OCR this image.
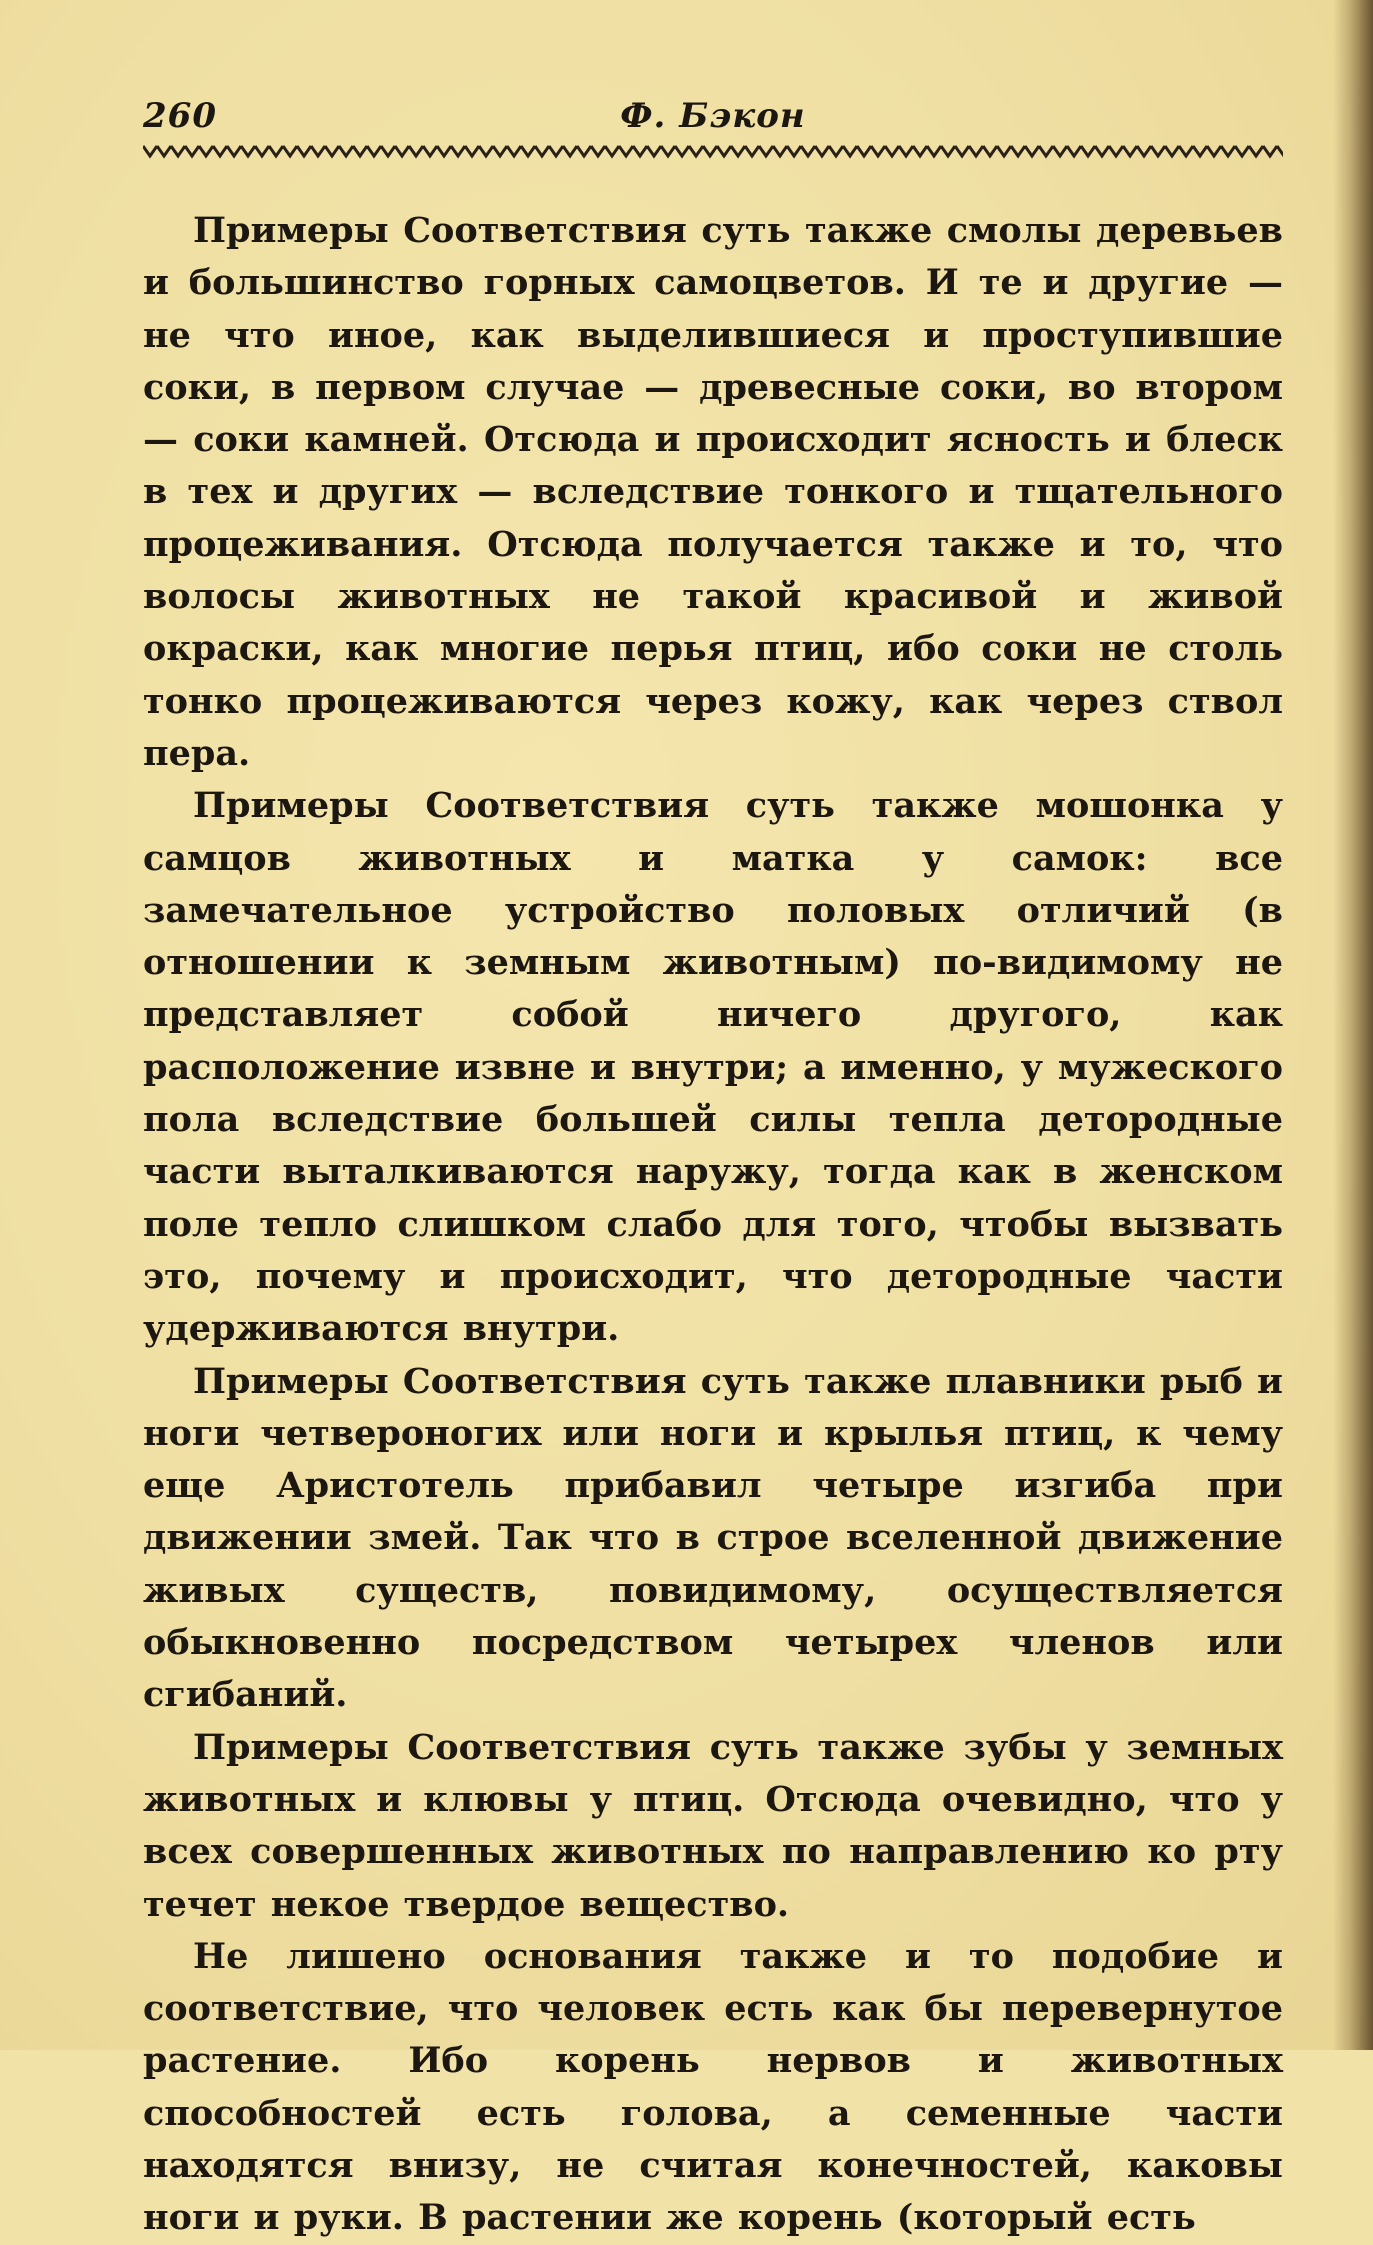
260	Ф. Бэкон

Примеры Соответствия суть также смолы деревьев и большинство горных самоцветов. И те и другие — не что иное, как выделившиеся и проступившие соки, в первом случае — древесные соки, во втором — соки камней. Отсюда и происходит ясность и блеск в тех и других — вследствие тонкого и тщательного процеживания. Отсюда получается также и то, что волосы животных не такой красивой и живой окраски, как многие перья птиц, ибо соки не столь тонко процеживаются через кожу, как через ствол пера.

Примеры Соответствия суть также мошонка у самцов животных и матка у самок: все замечательное устройство половых отличий (в отношении к земным животным) по-видимому не представляет собой ничего другого, как расположение извне и внутри; а именно, у мужеского пола вследствие большей силы тепла детородные части выталкиваются наружу, тогда как в женском поле тепло слишком слабо для того, чтобы вызвать это, почему и происходит, что детородные части удерживаются внутри.

Примеры Соответствия суть также плавники рыб и ноги четвероногих или ноги и крылья птиц, к чему еще Аристотель прибавил четыре изгиба при движении змей. Так что в строе вселенной движение живых существ, повидимому, осуществляется обыкновенно посредством четырех членов или сгибаний.

Примеры Соответствия суть также зубы у земных животных и клювы у птиц. Отсюда очевидно, что у всех совершенных животных по направлению ко рту течет некое твердое вещество.

Не лишено основания также и то подобие и соответствие, что человек есть как бы перевернутое растение. Ибо корень нервов и животных способностей есть голова, а семенные части находятся внизу, не считая конечностей, каковы ноги и руки. В растении же корень (который есть
